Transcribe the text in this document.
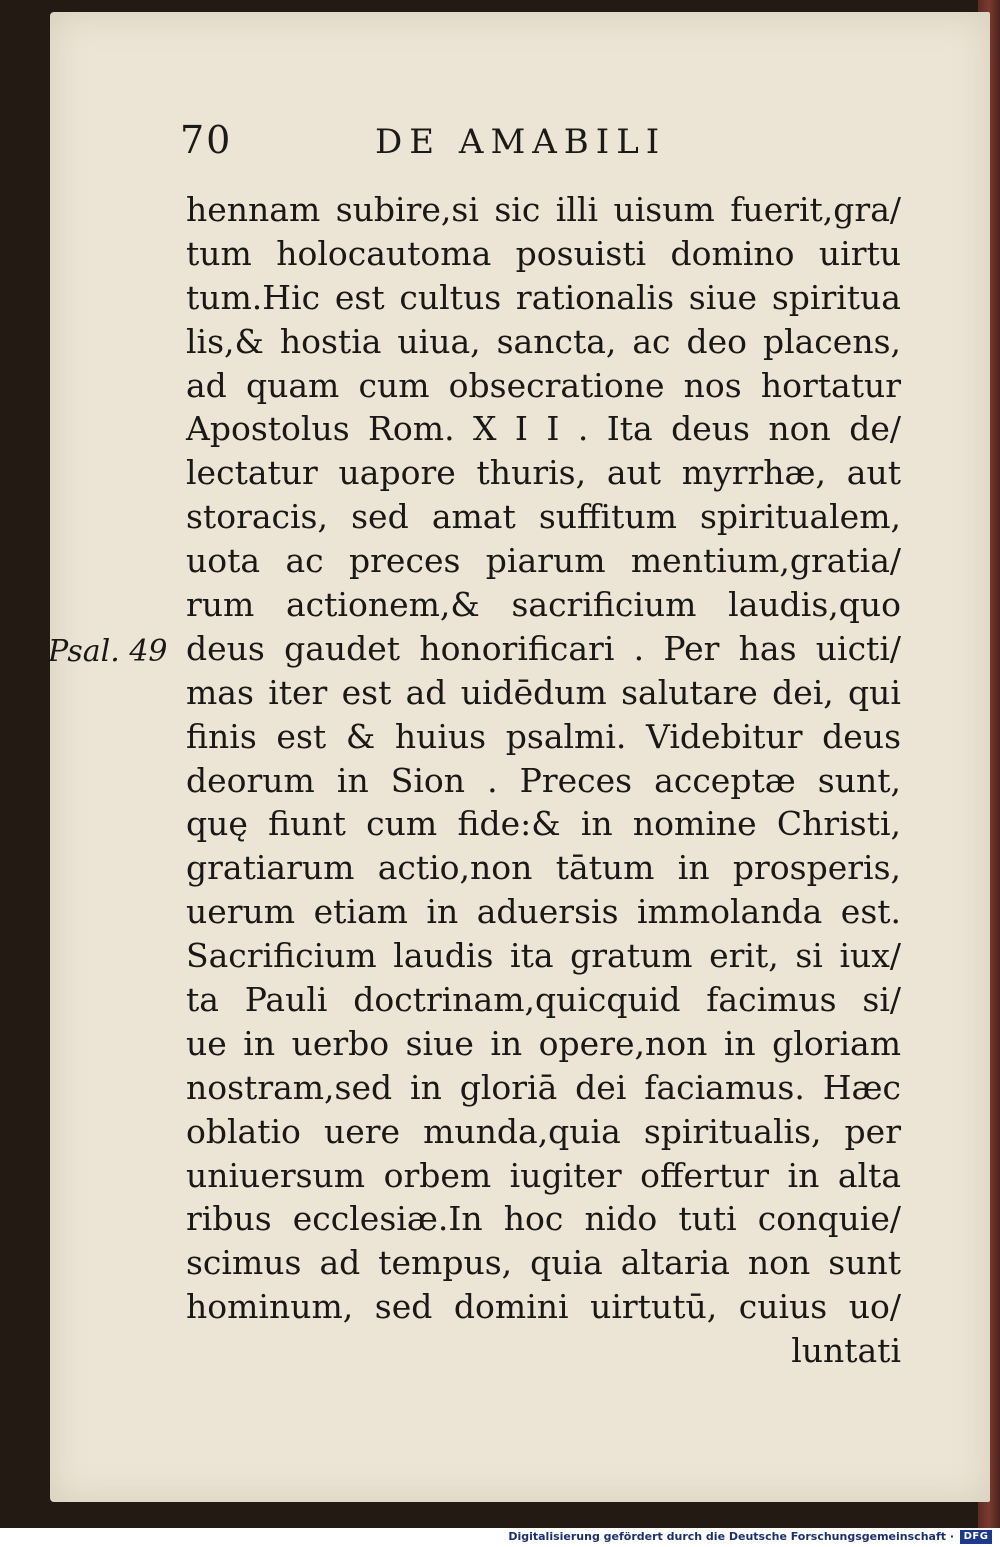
70	DE AMABILI
Psal. 49
hennam subire,si sic illi uisum fuerit,gra/
tum holocautoma posuisti domino uirtu
tum.Hic est cultus rationalis siue spiritua
lis,& hostia uiua, sancta, ac deo placens,
ad quam cum obsecratione nos hortatur
Apostolus Rom. X I I . Ita deus non de/
lectatur uapore thuris, aut myrrhæ, aut
storacis, sed amat suffitum spiritualem,
uota ac preces piarum mentium,gratia/
rum actionem,& sacrificium laudis,quo
deus gaudet honorificari . Per has uicti/
mas iter est ad uidēdum salutare dei, qui
finis est & huius psalmi. Videbitur deus
deorum in Sion . Preces acceptæ sunt,
quę fiunt cum fide:& in nomine Christi,
gratiarum actio,non tātum in prosperis,
uerum etiam in aduersis immolanda est.
Sacrificium laudis ita gratum erit, si iux/
ta Pauli doctrinam,quicquid facimus si/
ue in uerbo siue in opere,non in gloriam
nostram,sed in gloriā dei faciamus. Hæc
oblatio uere munda,quia spiritualis, per
uniuersum orbem iugiter offertur in alta
ribus ecclesiæ.In hoc nido tuti conquie/
scimus ad tempus, quia altaria non sunt
hominum, sed domini uirtutū, cuius uo/
luntati
Digitalisierung gefördert durch die Deutsche Forschungsgemeinschaft · DFG
